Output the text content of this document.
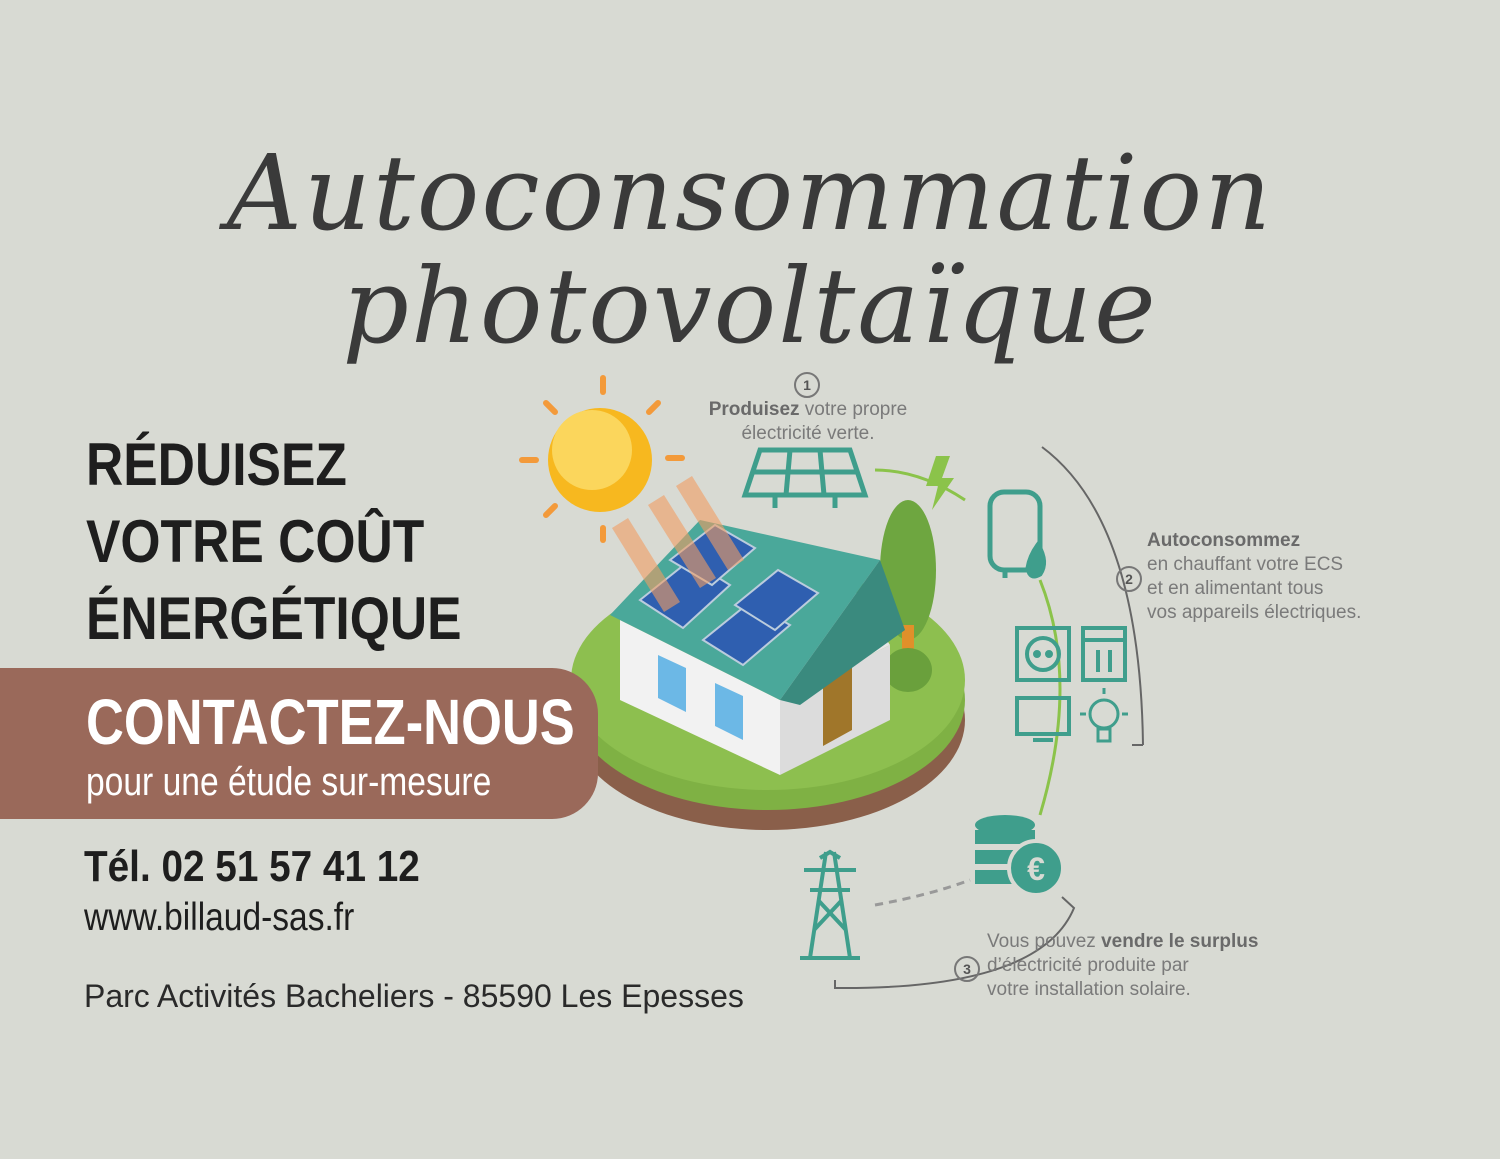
Autoconsommation
photovoltaïque
RÉDUISEZ
VOTRE COÛT
ÉNERGÉTIQUE
€
CONTACTEZ-NOUS
pour une étude sur-mesure
Tél. 02 51 57 41 12
www.billaud-sas.fr
Parc Activités Bacheliers - 85590 Les Epesses
1
Produisez votre propre
électricité verte.
2
Autoconsommez
en chauffant votre ECS
et en alimentant tous
vos appareils électriques.
3
Vous pouvez vendre le surplus
d’électricité produite par
votre installation solaire.
